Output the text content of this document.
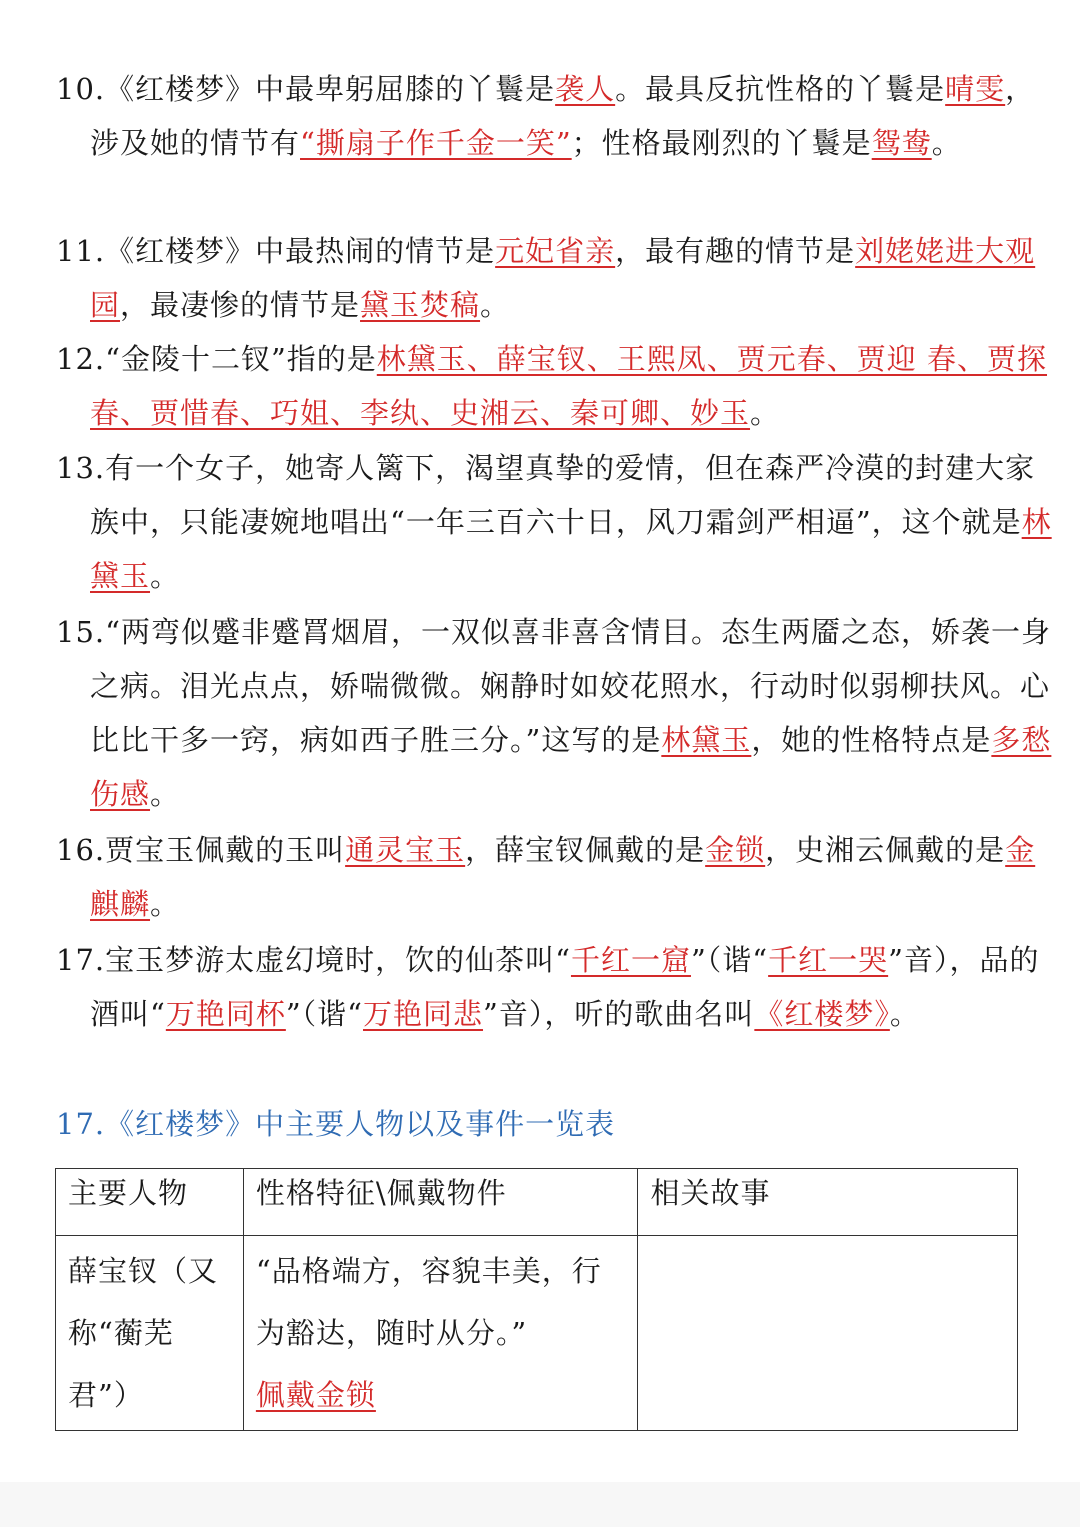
10.《红楼梦》中最卑躬屈膝的丫鬟是袭人。最具反抗性格的丫鬟是晴雯，涉及她的情节有“撕扇子作千金一笑”；性格最刚烈的丫鬟是鸳鸯。
11.《红楼梦》中最热闹的情节是元妃省亲，最有趣的情节是刘姥姥进大观园，最凄惨的情节是黛玉焚稿。
12.“金陵十二钗”指的是林黛玉、薛宝钗、王熙凤、贾元春、贾迎 春、贾探春、贾惜春、巧姐、李纨、史湘云、秦可卿、妙玉。
13.有一个女子，她寄人篱下，渴望真挚的爱情，但在森严冷漠的封建大家族中，只能凄婉地唱出“一年三百六十日，风刀霜剑严相逼”，这个就是林黛玉。
15.“两弯似蹙非蹙罥烟眉，一双似喜非喜含情目。态生两靥之态，娇袭一身之病。泪光点点，娇喘微微。娴静时如姣花照水，行动时似弱柳扶风。心比比干多一窍，病如西子胜三分。”这写的是林黛玉，她的性格特点是多愁伤感。
16.贾宝玉佩戴的玉叫通灵宝玉，薛宝钗佩戴的是金锁，史湘云佩戴的是金麒麟。
17.宝玉梦游太虚幻境时，饮的仙茶叫“千红一窟”（谐“千红一哭”音），品的酒叫“万艳同杯”（谐“万艳同悲”音），听的歌曲名叫《红楼梦》。
17.《红楼梦》中主要人物以及事件一览表
主要人物	性格特征\佩戴物件	相关故事
薛宝钗（又称“蘅芜君”）	“品格端方，容貌丰美，行为豁达，随时从分。”
佩戴金锁	
